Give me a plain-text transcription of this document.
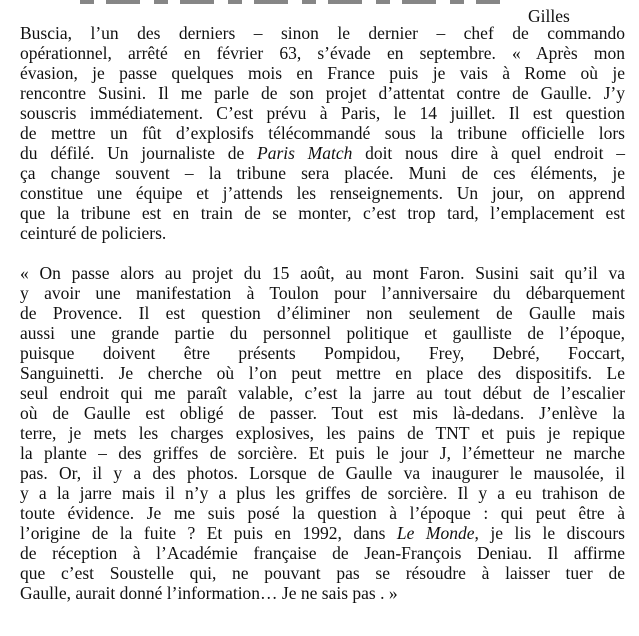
Gilles
Buscia, l’un des derniers – sinon le dernier – chef de commando
opérationnel, arrêté en février 63, s’évade en septembre. « Après mon
évasion, je passe quelques mois en France puis je vais à Rome où je
rencontre Susini. Il me parle de son projet d’attentat contre de Gaulle. J’y
souscris immédiatement. C’est prévu à Paris, le 14 juillet. Il est question
de mettre un fût d’explosifs télécommandé sous la tribune officielle lors
du défilé. Un journaliste de Paris Match doit nous dire à quel endroit –
ça change souvent – la tribune sera placée. Muni de ces éléments, je
constitue une équipe et j’attends les renseignements. Un jour, on apprend
que la tribune est en train de se monter, c’est trop tard, l’emplacement est
ceinturé de policiers.
« On passe alors au projet du 15 août, au mont Faron. Susini sait qu’il va
y avoir une manifestation à Toulon pour l’anniversaire du débarquement
de Provence. Il est question d’éliminer non seulement de Gaulle mais
aussi une grande partie du personnel politique et gaulliste de l’époque,
puisque doivent être présents Pompidou, Frey, Debré, Foccart,
Sanguinetti. Je cherche où l’on peut mettre en place des dispositifs. Le
seul endroit qui me paraît valable, c’est la jarre au tout début de l’escalier
où de Gaulle est obligé de passer. Tout est mis là-dedans. J’enlève la
terre, je mets les charges explosives, les pains de TNT et puis je repique
la plante – des griffes de sorcière. Et puis le jour J, l’émetteur ne marche
pas. Or, il y a des photos. Lorsque de Gaulle va inaugurer le mausolée, il
y a la jarre mais il n’y a plus les griffes de sorcière. Il y a eu trahison de
toute évidence. Je me suis posé la question à l’époque : qui peut être à
l’origine de la fuite ? Et puis en 1992, dans Le Monde, je lis le discours
de réception à l’Académie française de Jean-François Deniau. Il affirme
que c’est Soustelle qui, ne pouvant pas se résoudre à laisser tuer de
Gaulle, aurait donné l’information… Je ne sais pas . »
